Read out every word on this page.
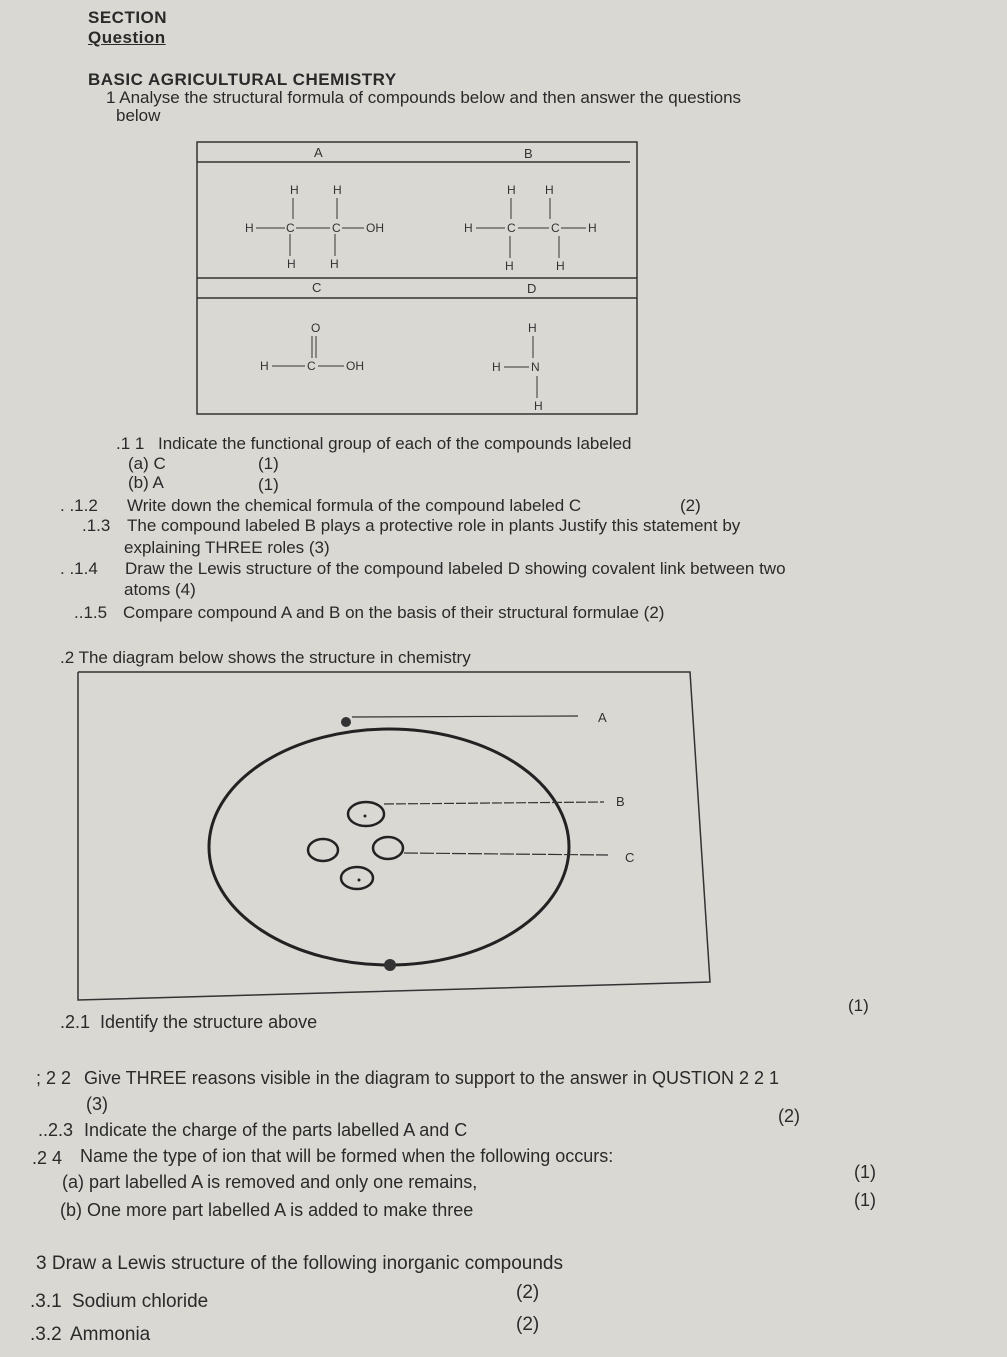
SECTION
Question
BASIC AGRICULTURAL CHEMISTRY
1 Analyse the structural formula of compounds below and then answer the questions
below
A	B
C	D
H	H
H	C	C OH
H	H
H H
H	C	C H
H	H
O
H	C	OH
H
H	N
H
.1 1 Indicate the functional group of each of the compounds labeled
(a) C	(1)
(b) A	(1)
. .1.2 Write down the chemical formula of the compound labeled C	(2)
.1.3 The compound labeled B plays a protective role in plants Justify this statement by
explaining THREE roles (3)
. .1.4 Draw the Lewis structure of the compound labeled D showing covalent link between two
atoms (4)
..1.5 Compare compound A and B on the basis of their structural formulae (2)
.2 The diagram below shows the structure in chemistry
A
B
C
.2.1 Identify the structure above
(1)
; 2 2 Give THREE reasons visible in the diagram to support to the answer in QUSTION 2 2 1
(3)
..2.3 Indicate the charge of the parts labelled A and C
(2)
.2 4 Name the type of ion that will be formed when the following occurs:
(a) part labelled A is removed and only one remains,	(1)
(b) One more part labelled A is added to make three	(1)
3 Draw a Lewis structure of the following inorganic compounds
.3.1 Sodium chloride	(2)
.3.2 Ammonia	(2)
